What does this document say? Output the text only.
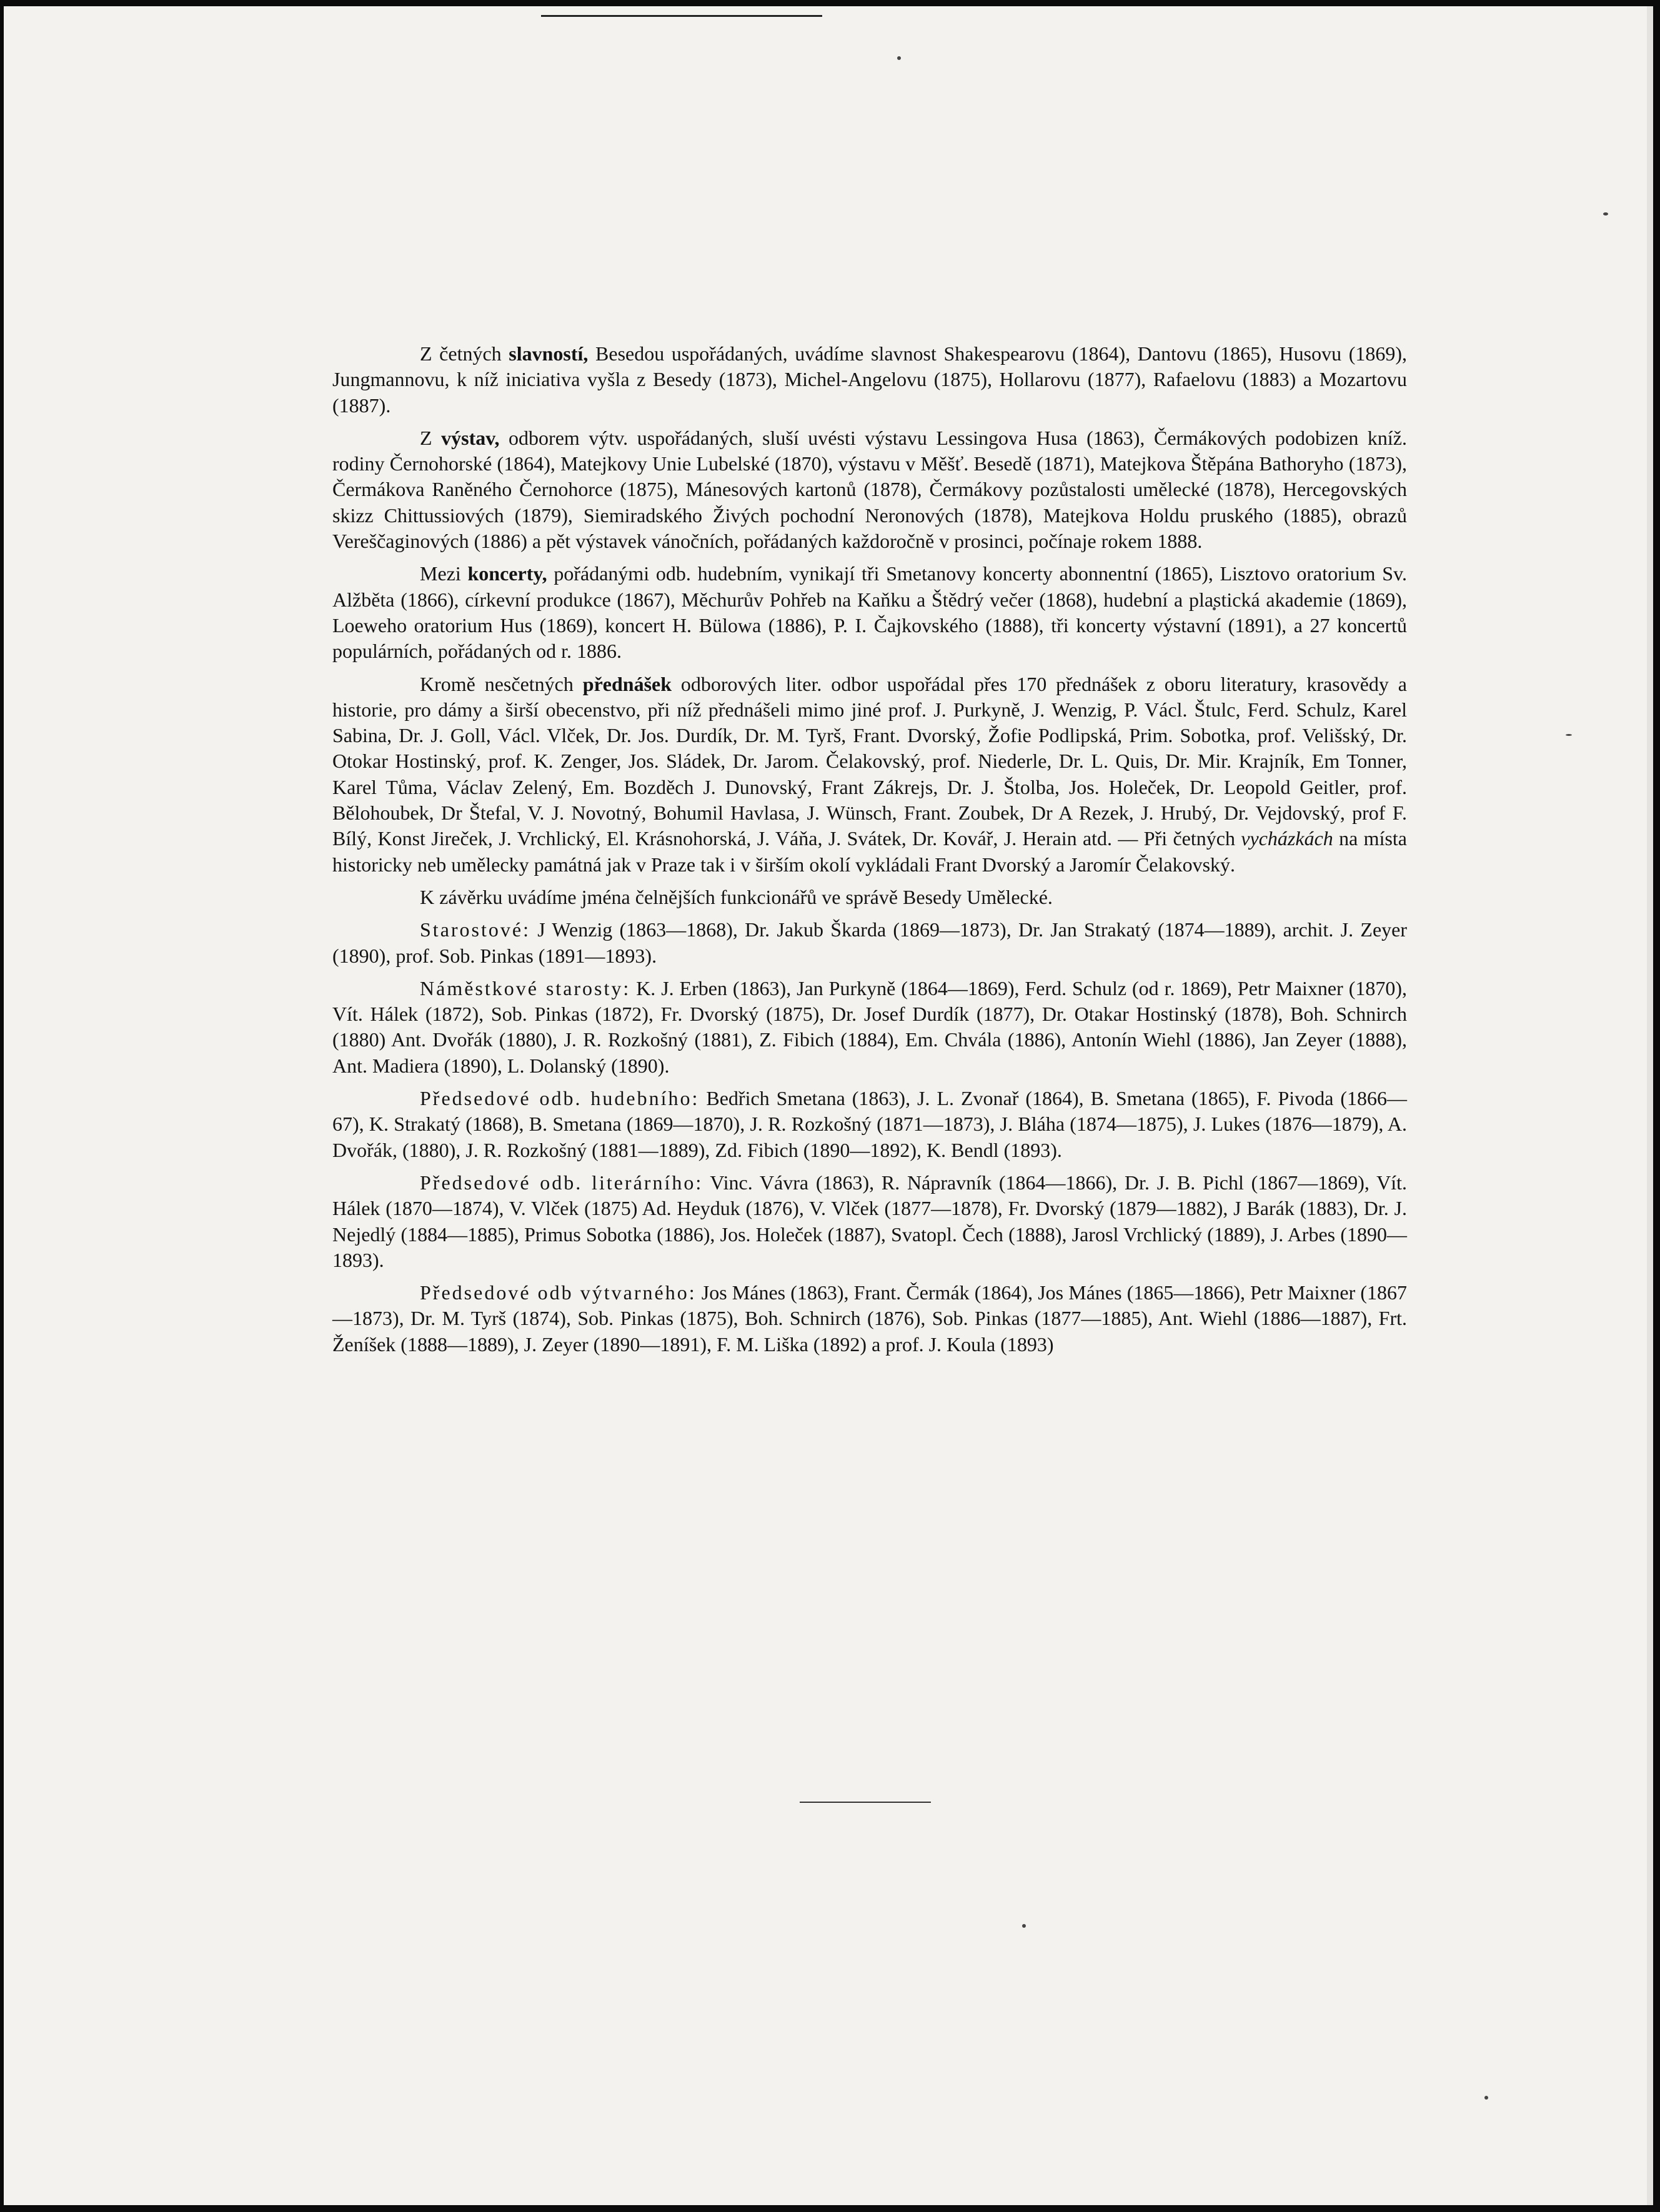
Z četných slavností, Besedou uspořádaných, uvádíme slavnost Shakespearovu (1864), Dantovu (1865), Husovu (1869), Jungmannovu, k níž iniciativa vyšla z Besedy (1873), Michel-Angelovu (1875), Hollarovu (1877), Rafaelovu (1883) a Mozartovu (1887).

Z výstav, odborem výtv. uspořádaných, sluší uvésti výstavu Lessingova Husa (1863), Čermákových podobizen kníž. rodiny Černohorské (1864), Matejkovy Unie Lubelské (1870), výstavu v Měšť. Besedě (1871), Matejkova Štěpána Bathoryho (1873), Čermákova Raněného Černohorce (1875), Mánesových kartonů (1878), Čermákovy pozůstalosti umělecké (1878), Hercegovských skizz Chittussiových (1879), Siemiradského Živých pochodní Neronových (1878), Matejkova Holdu pruského (1885), obrazů Vereščaginových (1886) a pět výstavek vánočních, pořádaných každoročně v prosinci, počínaje rokem 1888.

Mezi koncerty, pořádanými odb. hudebním, vynikají tři Smetanovy koncerty abonnentní (1865), Lisztovo oratorium Sv. Alžběta (1866), církevní produkce (1867), Měchurův Pohřeb na Kaňku a Štědrý večer (1868), hudební a plastická akademie (1869), Loeweho oratorium Hus (1869), koncert H. Bülowa (1886), P. I. Čajkovského (1888), tři koncerty výstavní (1891), a 27 koncertů populárních, pořádaných od r. 1886.

Kromě nesčetných přednášek odborových liter. odbor uspořádal přes 170 přednášek z oboru literatury, krasovědy a historie, pro dámy a širší obecenstvo, při níž přednášeli mimo jiné prof. J. Purkyně, J. Wenzig, P. Václ. Štulc, Ferd. Schulz, Karel Sabina, Dr. J. Goll, Václ. Vlček, Dr. Jos. Durdík, Dr. M. Tyrš, Frant. Dvorský, Žofie Podlipská, Prim. Sobotka, prof. Velišský, Dr. Otokar Hostinský, prof. K. Zenger, Jos. Sládek, Dr. Jarom. Čelakovský, prof. Niederle, Dr. L. Quis, Dr. Mir. Krajník, Em Tonner, Karel Tůma, Václav Zelený, Em. Bozděch J. Dunovský, Frant Zákrejs, Dr. J. Štolba, Jos. Holeček, Dr. Leopold Geitler, prof. Bělohoubek, Dr Štefal, V. J. Novotný, Bohumil Havlasa, J. Wünsch, Frant. Zoubek, Dr A Rezek, J. Hrubý, Dr. Vejdovský, prof F. Bílý, Konst Jireček, J. Vrchlický, El. Krásnohorská, J. Váňa, J. Svátek, Dr. Kovář, J. Herain atd. — Při četných vycházkách na místa historicky neb umělecky památná jak v Praze tak i v širším okolí vykládali Frant Dvorský a Jaromír Čelakovský.

K závěrku uvádíme jména čelnějších funkcionářů ve správě Besedy Umělecké.

Starostové: J Wenzig (1863—1868), Dr. Jakub Škarda (1869—1873), Dr. Jan Strakatý (1874—1889), archit. J. Zeyer (1890), prof. Sob. Pinkas (1891—1893).

Náměstkové starosty: K. J. Erben (1863), Jan Purkyně (1864—1869), Ferd. Schulz (od r. 1869), Petr Maixner (1870), Vít. Hálek (1872), Sob. Pinkas (1872), Fr. Dvorský (1875), Dr. Josef Durdík (1877), Dr. Otakar Hostinský (1878), Boh. Schnirch (1880) Ant. Dvořák (1880), J. R. Rozkošný (1881), Z. Fibich (1884), Em. Chvála (1886), Antonín Wiehl (1886), Jan Zeyer (1888), Ant. Madiera (1890), L. Dolanský (1890).

Předsedové odb. hudebního: Bedřich Smetana (1863), J. L. Zvonař (1864), B. Smetana (1865), F. Pivoda (1866—67), K. Strakatý (1868), B. Smetana (1869—1870), J. R. Rozkošný (1871—1873), J. Bláha (1874—1875), J. Lukes (1876—1879), A. Dvořák, (1880), J. R. Rozkošný (1881—1889), Zd. Fibich (1890—1892), K. Bendl (1893).

Předsedové odb. literárního: Vinc. Vávra (1863), R. Nápravník (1864—1866), Dr. J. B. Pichl (1867—1869), Vít. Hálek (1870—1874), V. Vlček (1875) Ad. Heyduk (1876), V. Vlček (1877—1878), Fr. Dvorský (1879—1882), J Barák (1883), Dr. J. Nejedlý (1884—1885), Primus Sobotka (1886), Jos. Holeček (1887), Svatopl. Čech (1888), Jarosl Vrchlický (1889), J. Arbes (1890—1893).

Předsedové odb výtvarného: Jos Mánes (1863), Frant. Čermák (1864), Jos Mánes (1865—1866), Petr Maixner (1867—1873), Dr. M. Tyrš (1874), Sob. Pinkas (1875), Boh. Schnirch (1876), Sob. Pinkas (1877—1885), Ant. Wiehl (1886—1887), Frt. Ženíšek (1888—1889), J. Zeyer (1890—1891), F. M. Liška (1892) a prof. J. Koula (1893)
